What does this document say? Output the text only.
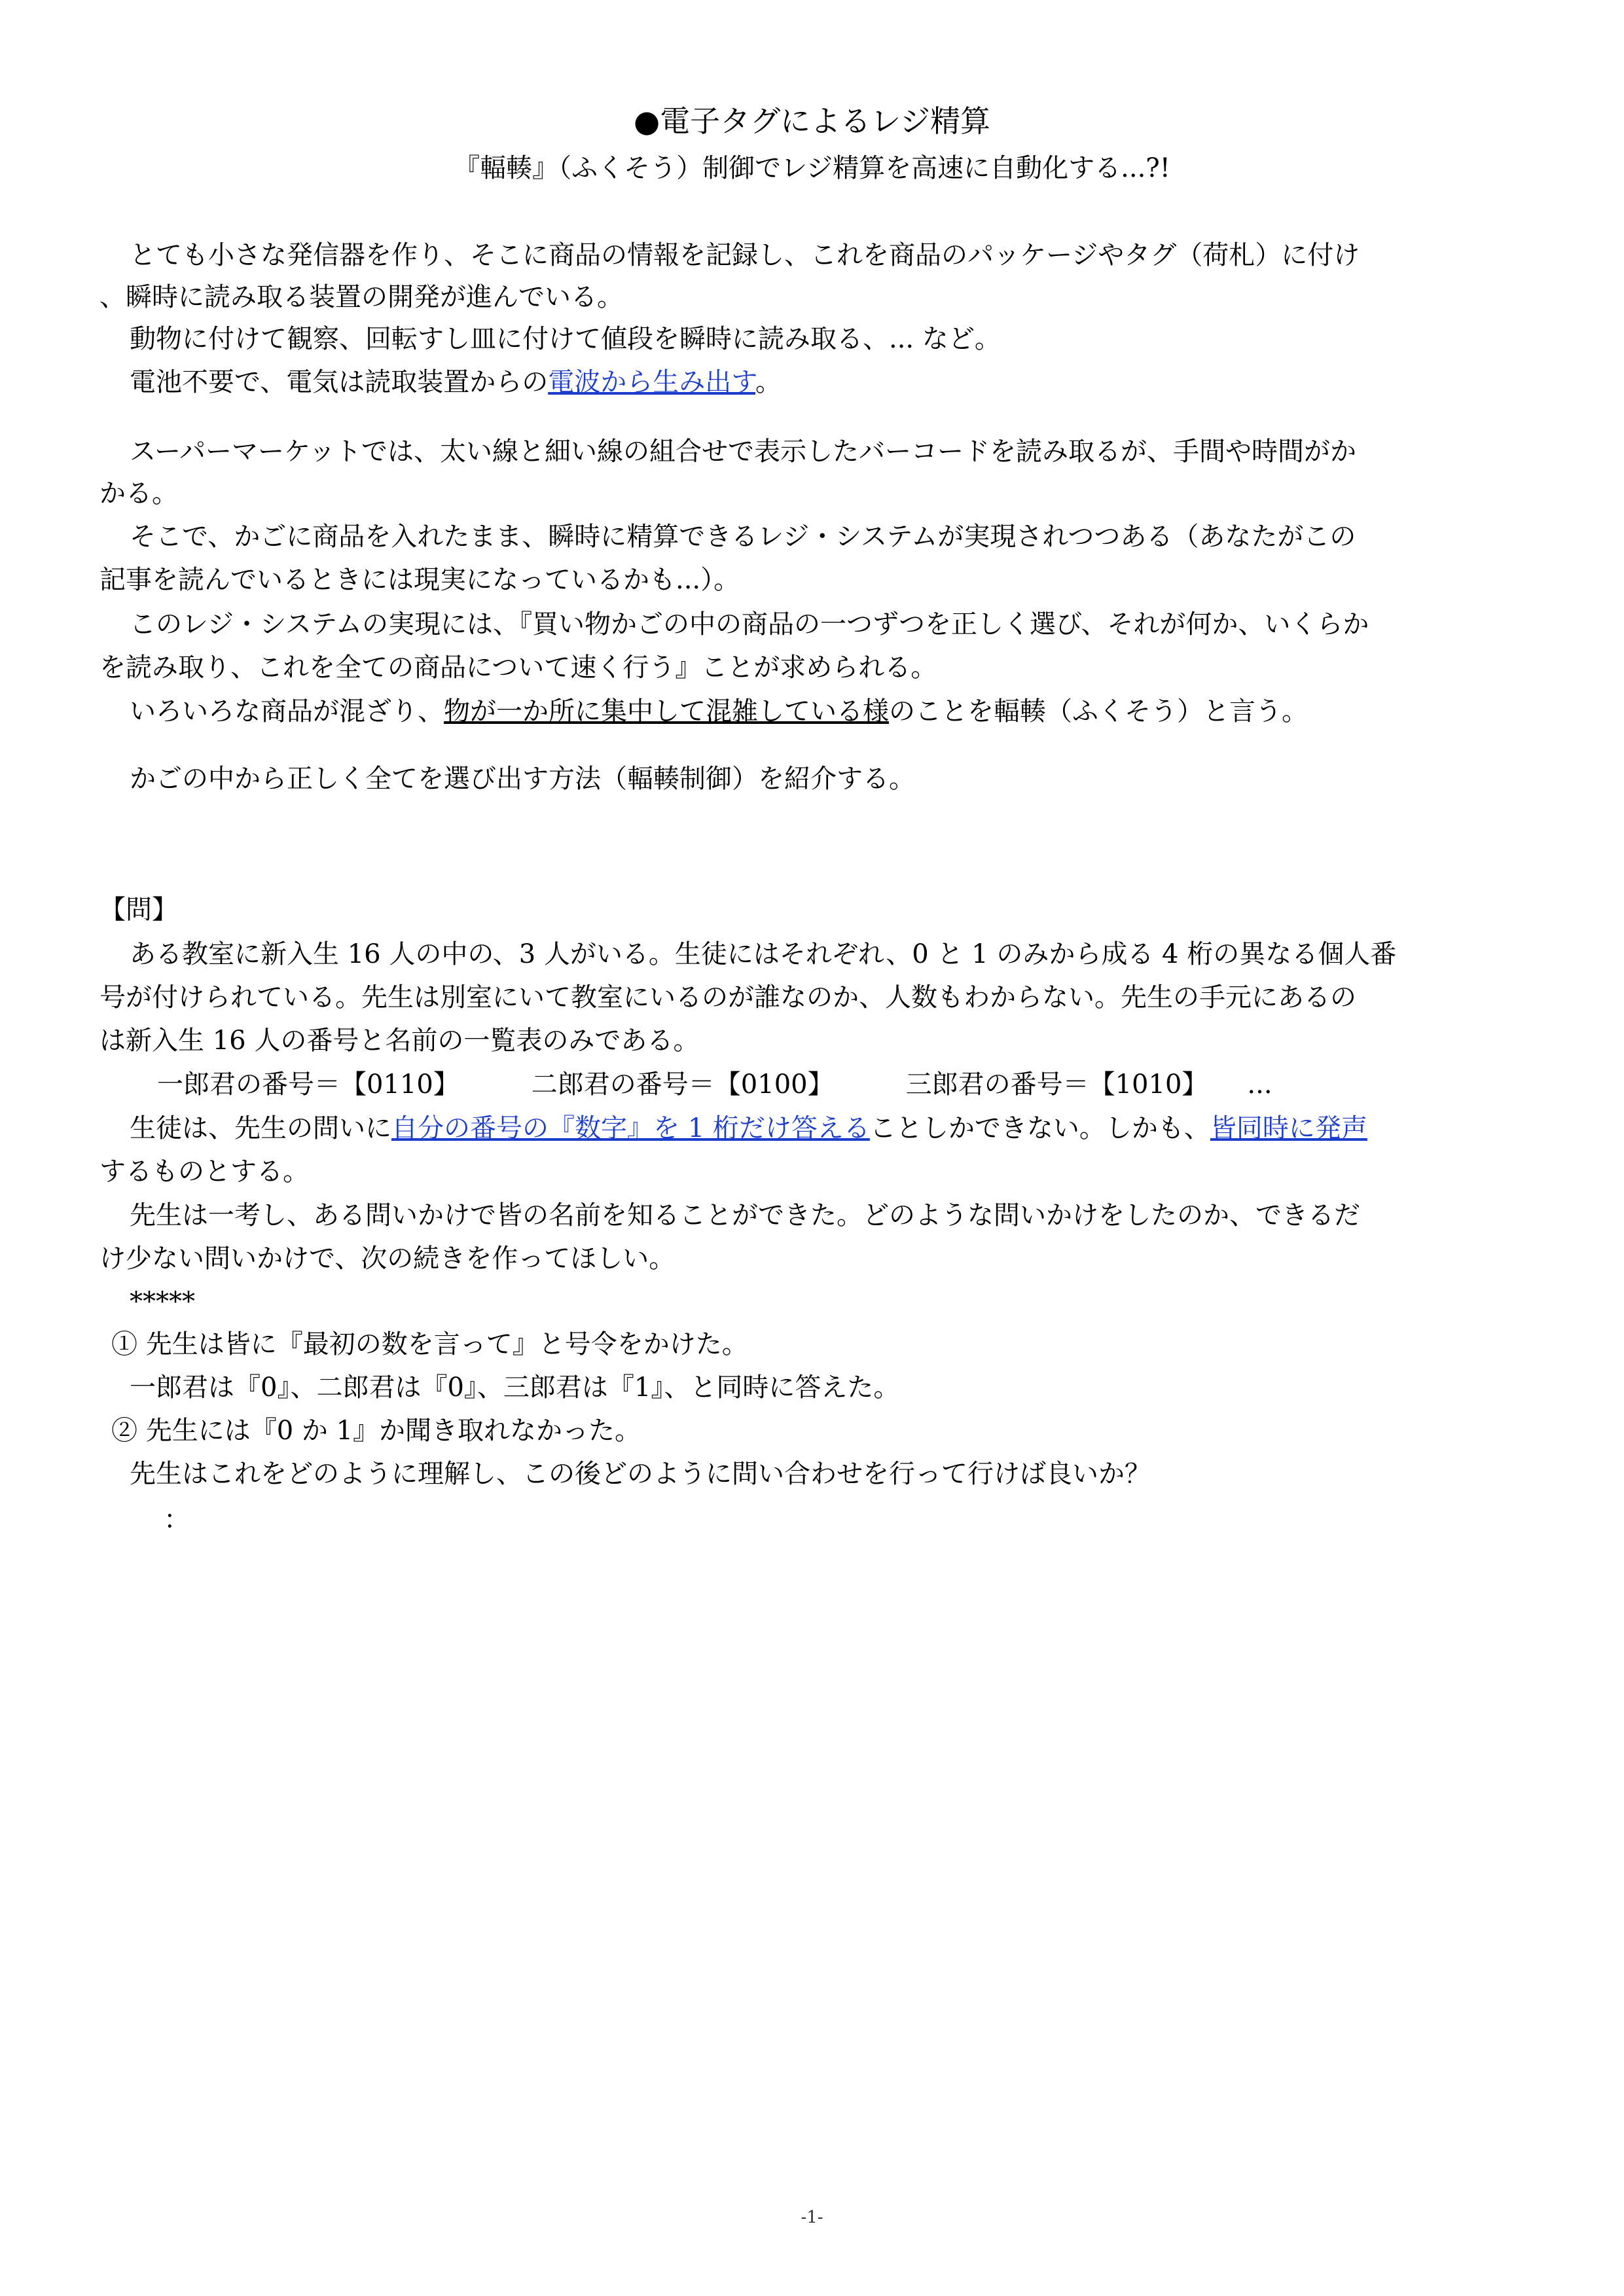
●電子タグによるレジ精算
『輻輳』（ふくそう）制御でレジ精算を高速に自動化する...?!
とても小さな発信器を作り、そこに商品の情報を記録し、これを商品のパッケージやタグ（荷札）に付け
、瞬時に読み取る装置の開発が進んでいる。
動物に付けて観察、回転すし皿に付けて値段を瞬時に読み取る、... など。
電池不要で、電気は読取装置からの電波から生み出す。
スーパーマーケットでは、太い線と細い線の組合せで表示したバーコードを読み取るが、手間や時間がか
かる。
そこで、かごに商品を入れたまま、瞬時に精算できるレジ・システムが実現されつつある（あなたがこの
記事を読んでいるときには現実になっているかも...）。
このレジ・システムの実現には、『買い物かごの中の商品の一つずつを正しく選び、それが何か、いくらか
を読み取り、これを全ての商品について速く行う』ことが求められる。
いろいろな商品が混ざり、物が一か所に集中して混雑している様のことを輻輳（ふくそう）と言う。
かごの中から正しく全てを選び出す方法（輻輳制御）を紹介する。
【問】
ある教室に新入生 16 人の中の、3 人がいる。生徒にはそれぞれ、0 と 1 のみから成る 4 桁の異なる個人番
号が付けられている。先生は別室にいて教室にいるのが誰なのか、人数もわからない。先生の手元にあるの
は新入生 16 人の番号と名前の一覧表のみである。
一郎君の番号＝【0110】	二郎君の番号＝【0100】	三郎君の番号＝【1010】 ...
生徒は、先生の問いに自分の番号の『数字』を 1 桁だけ答えることしかできない。しかも、皆同時に発声
するものとする。
先生は一考し、ある問いかけで皆の名前を知ることができた。どのような問いかけをしたのか、できるだ
け少ない問いかけで、次の続きを作ってほしい。
*****
① 先生は皆に『最初の数を言って』と号令をかけた。
一郎君は『0』、二郎君は『0』、三郎君は『1』、と同時に答えた。
② 先生には『0 か 1』か聞き取れなかった。
先生はこれをどのように理解し、この後どのように問い合わせを行って行けば良いか？
：
-1-
